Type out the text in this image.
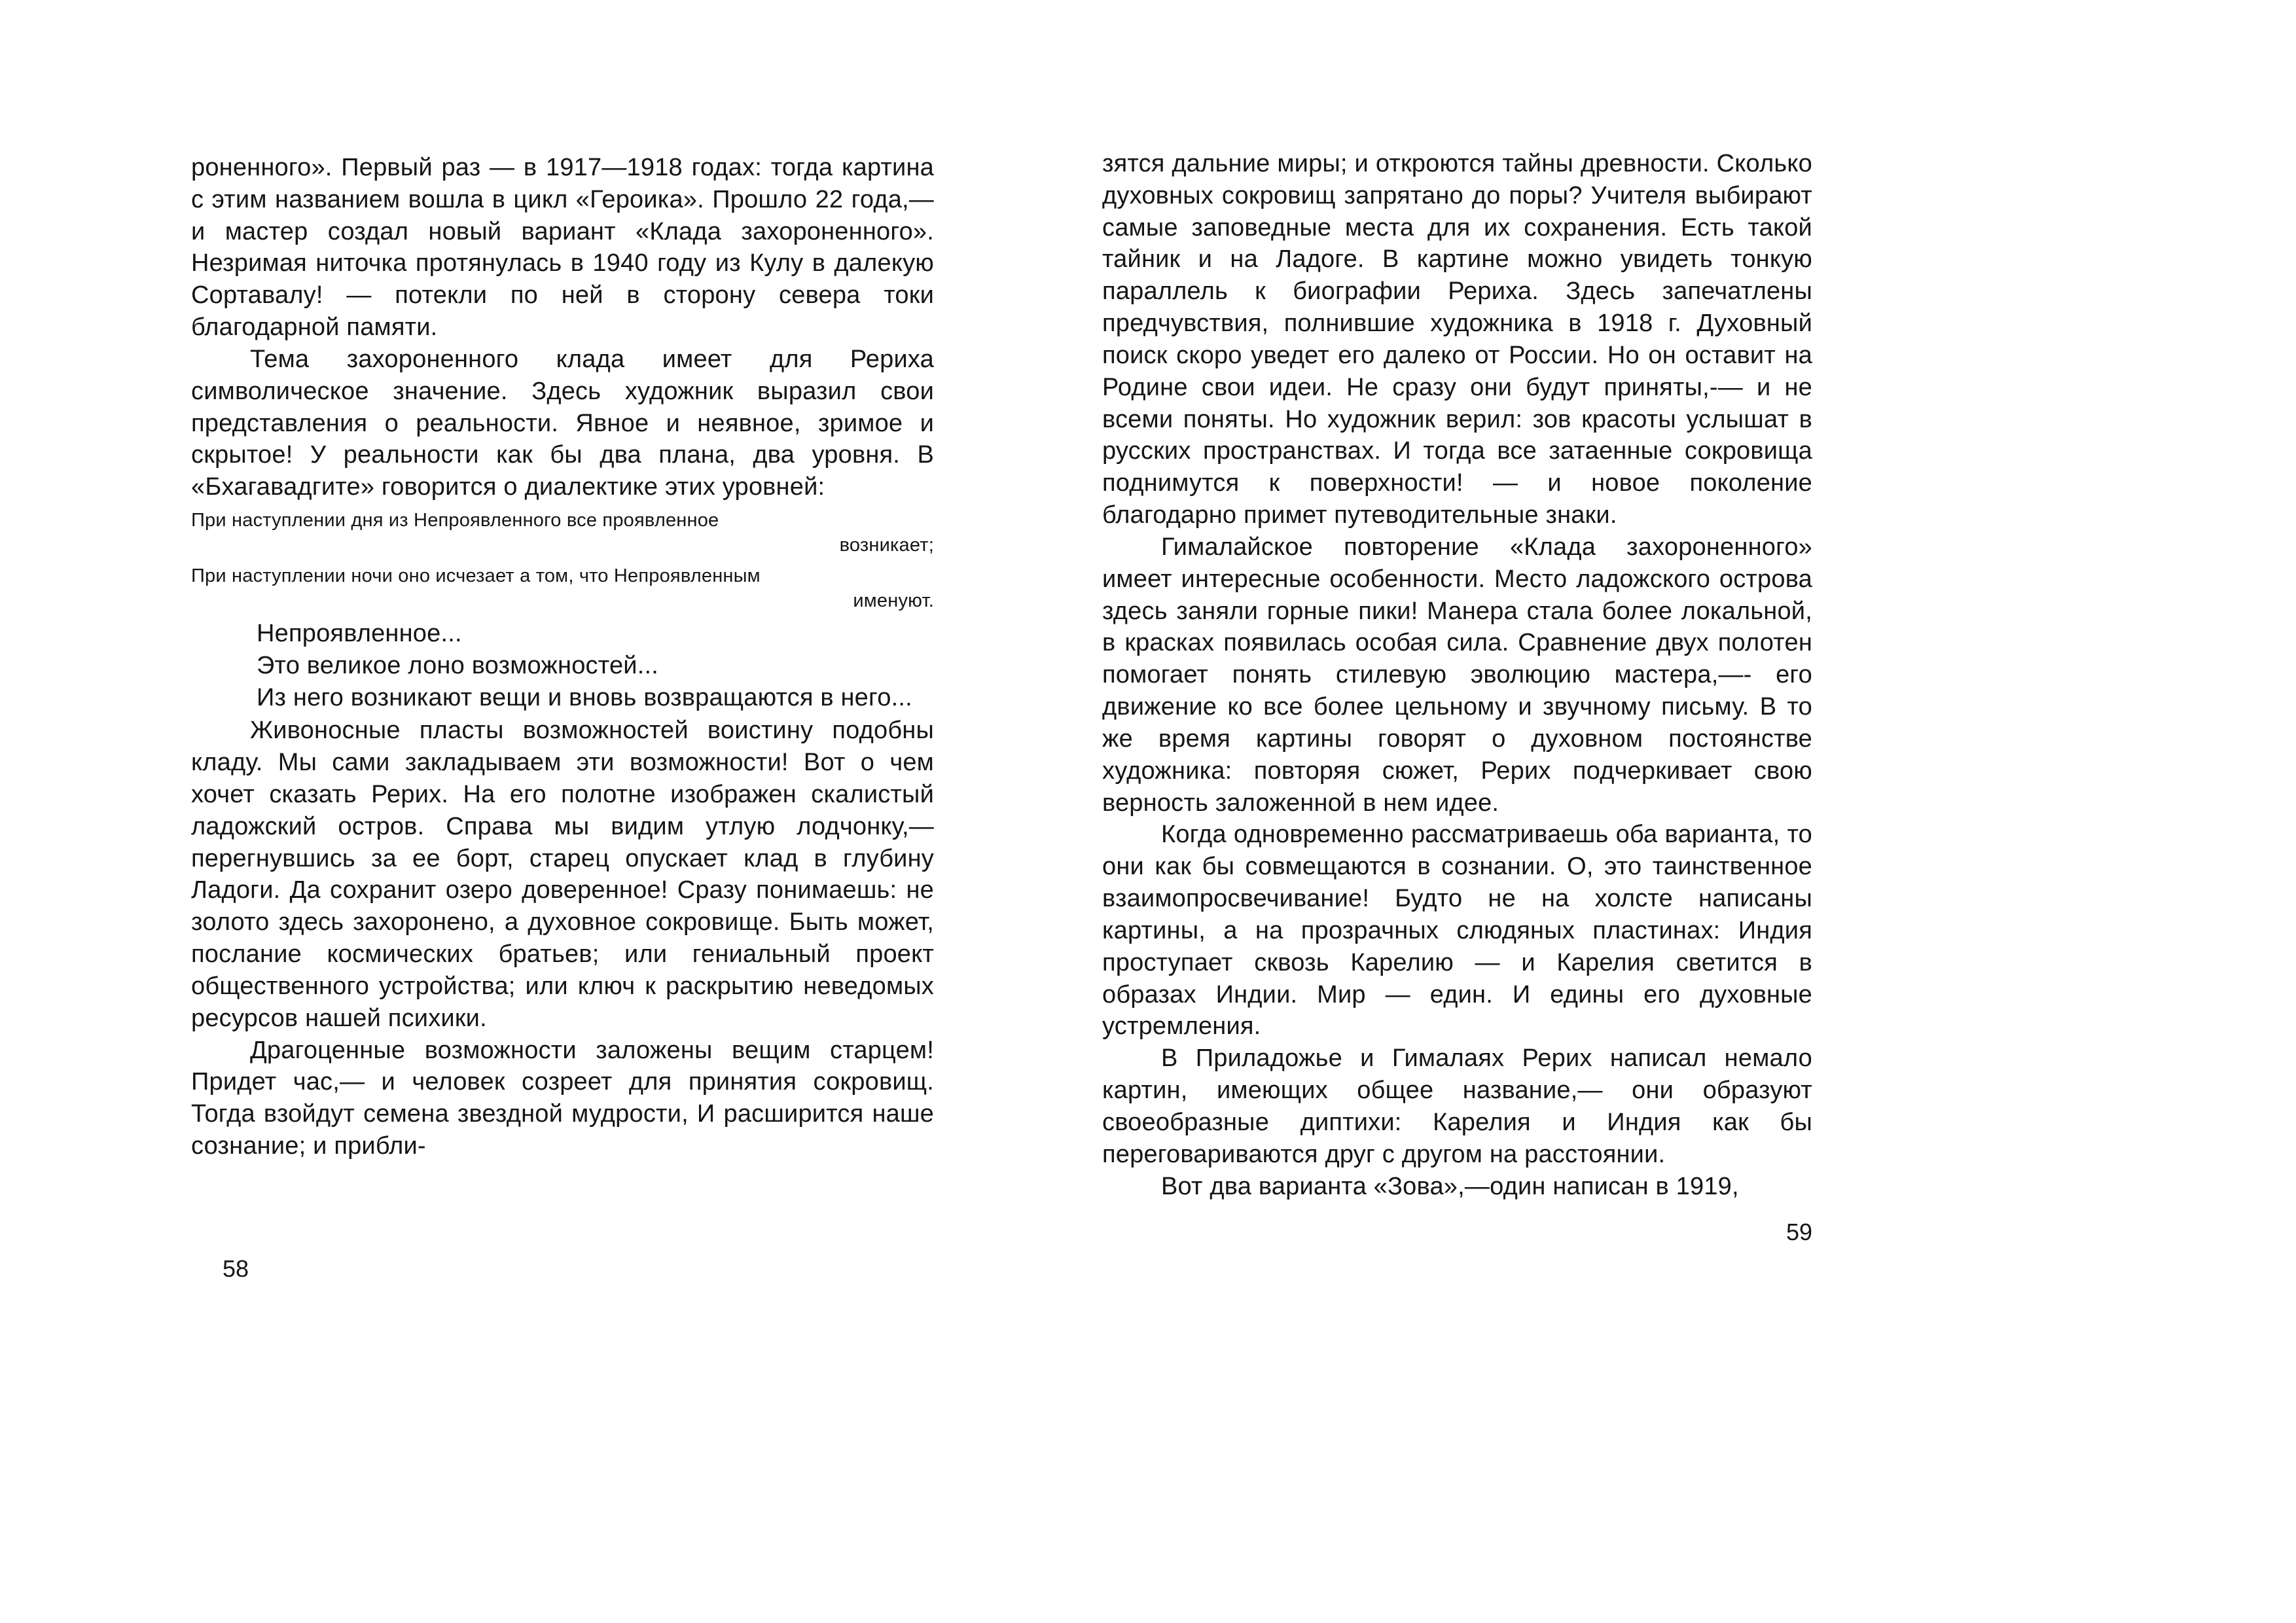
роненного». Первый раз — в 1917—1918 годах: тогда картина с этим названием вошла в цикл «Героика». Прошло 22 года,— и мастер создал новый вариант «Клада захороненного». Незримая ниточка протянулась в 1940 году из Кулу в далекую Сортавалу! — потекли по ней в сторону севера токи благодарной памяти.

Тема захороненного клада имеет для Рериха символическое значение. Здесь художник выразил свои представления о реальности. Явное и неявное, зримое и скрытое! У реальности как бы два плана, два уровня. В «Бхагавадгите» говорится о диалектике этих уровней:

При наступлении дня из Непроявленного все проявленное
возникает;
При наступлении ночи оно исчезает а том, что Непроявленным
именуют.

Непроявленное...

Это великое лоно возможностей...

Из него возникают вещи и вновь возвращаются в него...

Живоносные пласты возможностей воистину подобны кладу. Мы сами закладываем эти возможности! Вот о чем хочет сказать Рерих. На его полотне изображен скалистый ладожский остров. Справа мы видим утлую лодчонку,— перегнувшись за ее борт, старец опускает клад в глубину Ладоги. Да сохранит озеро доверенное! Сразу понимаешь: не золото здесь захоронено, а духовное сокровище. Быть может, послание космических братьев; или гениальный проект общественного устройства; или ключ к раскрытию неведомых ресурсов нашей психики.

Драгоценные возможности заложены вещим старцем! Придет час,— и человек созреет для принятия сокровищ. Тогда взойдут семена звездной мудрости, И расширится наше сознание; и прибли-

58

зятся дальние миры; и откроются тайны древности. Сколько духовных сокровищ запрятано до поры? Учителя выбирают самые заповедные места для их сохранения. Есть такой тайник и на Ладоге. В картине можно увидеть тонкую параллель к биографии Рериха. Здесь запечатлены предчувствия, полнившие художника в 1918 г. Духовный поиск скоро уведет его далеко от России. Но он оставит на Родине свои идеи. Не сразу они будут приняты,-— и не всеми поняты. Но художник верил: зов красоты услышат в русских пространствах. И тогда все затаенные сокровища поднимутся к поверхности! — и новое поколение благодарно примет путеводительные знаки.

Гималайское повторение «Клада захороненного» имеет интересные особенности. Место ладожского острова здесь заняли горные пики! Манера стала более локальной, в красках появилась особая сила. Сравнение двух полотен помогает понять стилевую эволюцию мастера,—- его движение ко все более цельному и звучному письму. В то же время картины говорят о духовном постоянстве художника: повторяя сюжет, Рерих подчеркивает свою верность заложенной в нем идее.

Когда одновременно рассматриваешь оба варианта, то они как бы совмещаются в сознании. О, это таинственное взаимопросвечивание! Будто не на холсте написаны картины, а на прозрачных слюдяных пластинах: Индия проступает сквозь Карелию — и Карелия светится в образах Индии. Мир — един. И едины его духовные устремления.

В Приладожье и Гималаях Рерих написал немало картин, имеющих общее название,— они образуют своеобразные диптихи: Карелия и Индия как бы переговариваются друг с другом на расстоянии.

Вот два варианта «Зова»,—один написан в 1919,

59
